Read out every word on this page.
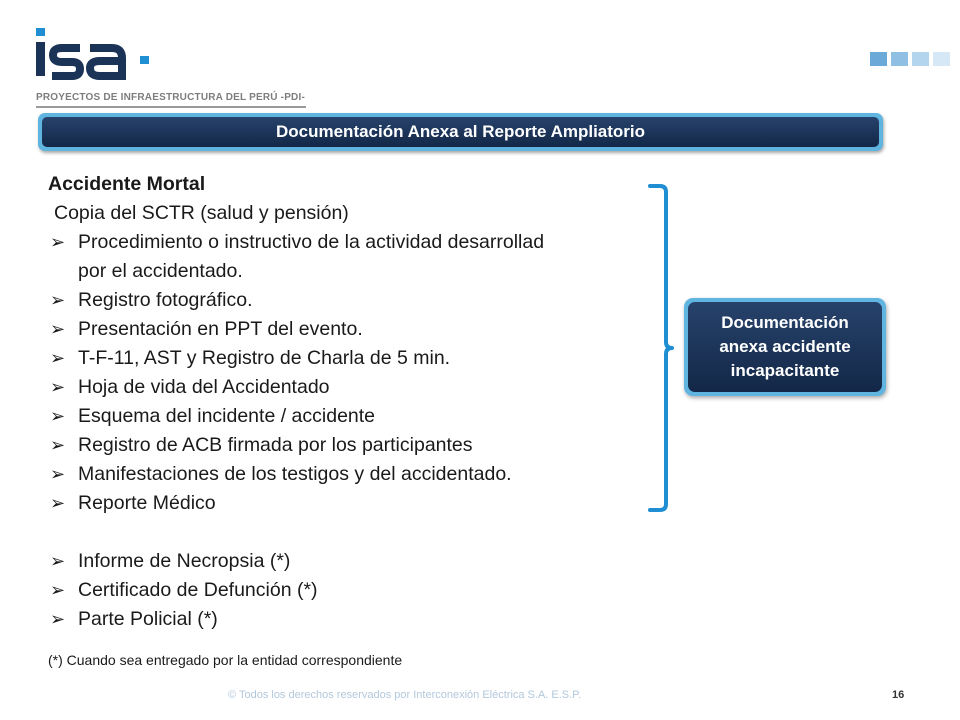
PROYECTOS DE INFRAESTRUCTURA DEL PERÚ -PDI-
Documentación Anexa al Reporte Ampliatorio
Accidente Mortal
Copia del SCTR (salud y pensión)
➢ Procedimiento o instructivo de la actividad desarrollad
por el accidentado.
➢ Registro fotográfico.
➢ Presentación en PPT del evento.
➢ T-F-11, AST y Registro de Charla de 5 min.
➢ Hoja de vida del Accidentado
➢ Esquema del incidente / accidente
➢ Registro de ACB firmada por los participantes
➢ Manifestaciones de los testigos y del accidentado.
➢ Reporte Médico
➢ Informe de Necropsia (*)
➢ Certificado de Defunción (*)
➢ Parte Policial (*)
(*) Cuando sea entregado por la entidad correspondiente
Documentación
anexa accidente
incapacitante
© Todos los derechos reservados por Interconexión Eléctrica S.A. E.S.P.	16
